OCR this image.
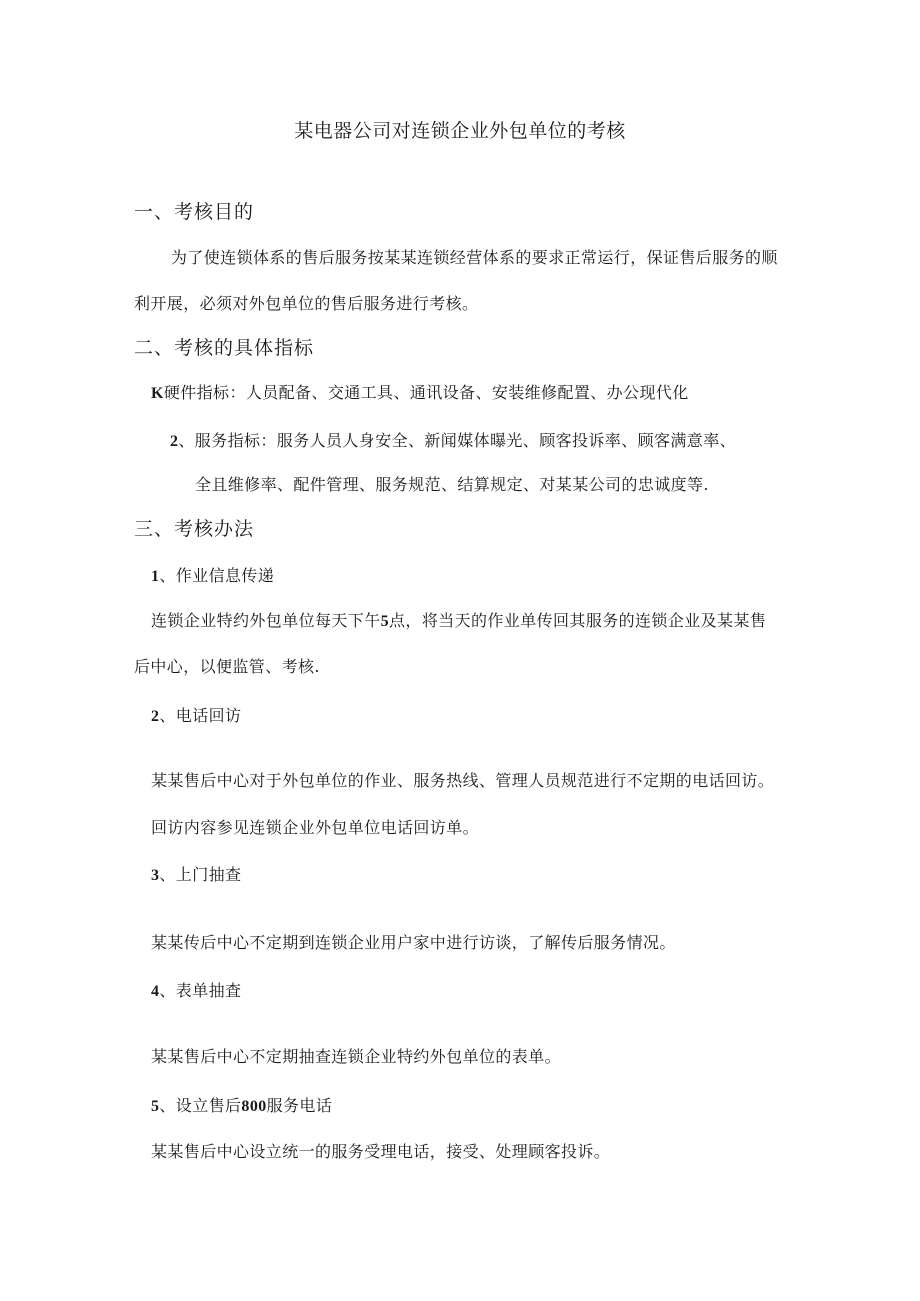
某电器公司对连锁企业外包单位的考核
一、考核目的
为了使连锁体系的售后服务按某某连锁经营体系的要求正常运行，保证售后服务的顺
利开展，必须对外包单位的售后服务进行考核。
二、考核的具体指标
K硬件指标：人员配备、交通工具、通讯设备、安装维修配置、办公现代化
2、服务指标：服务人员人身安全、新闻媒体曝光、顾客投诉率、顾客满意率、
全且维修率、配件管理、服务规范、结算规定、对某某公司的忠诚度等.
三、考核办法
1、作业信息传递
连锁企业特约外包单位每天下午5点，将当天的作业单传回其服务的连锁企业及某某售
后中心，以便监管、考核.
2、电话回访
某某售后中心对于外包单位的作业、服务热线、管理人员规范进行不定期的电话回访。
回访内容参见连锁企业外包单位电话回访单。
3、上门抽查
某某传后中心不定期到连锁企业用户家中进行访谈，了解传后服务情况。
4、表单抽査
某某售后中心不定期抽查连锁企业特约外包单位的表单。
5、设立售后800服务电话
某某售后中心设立统一的服务受理电话，接受、处理顾客投诉。
